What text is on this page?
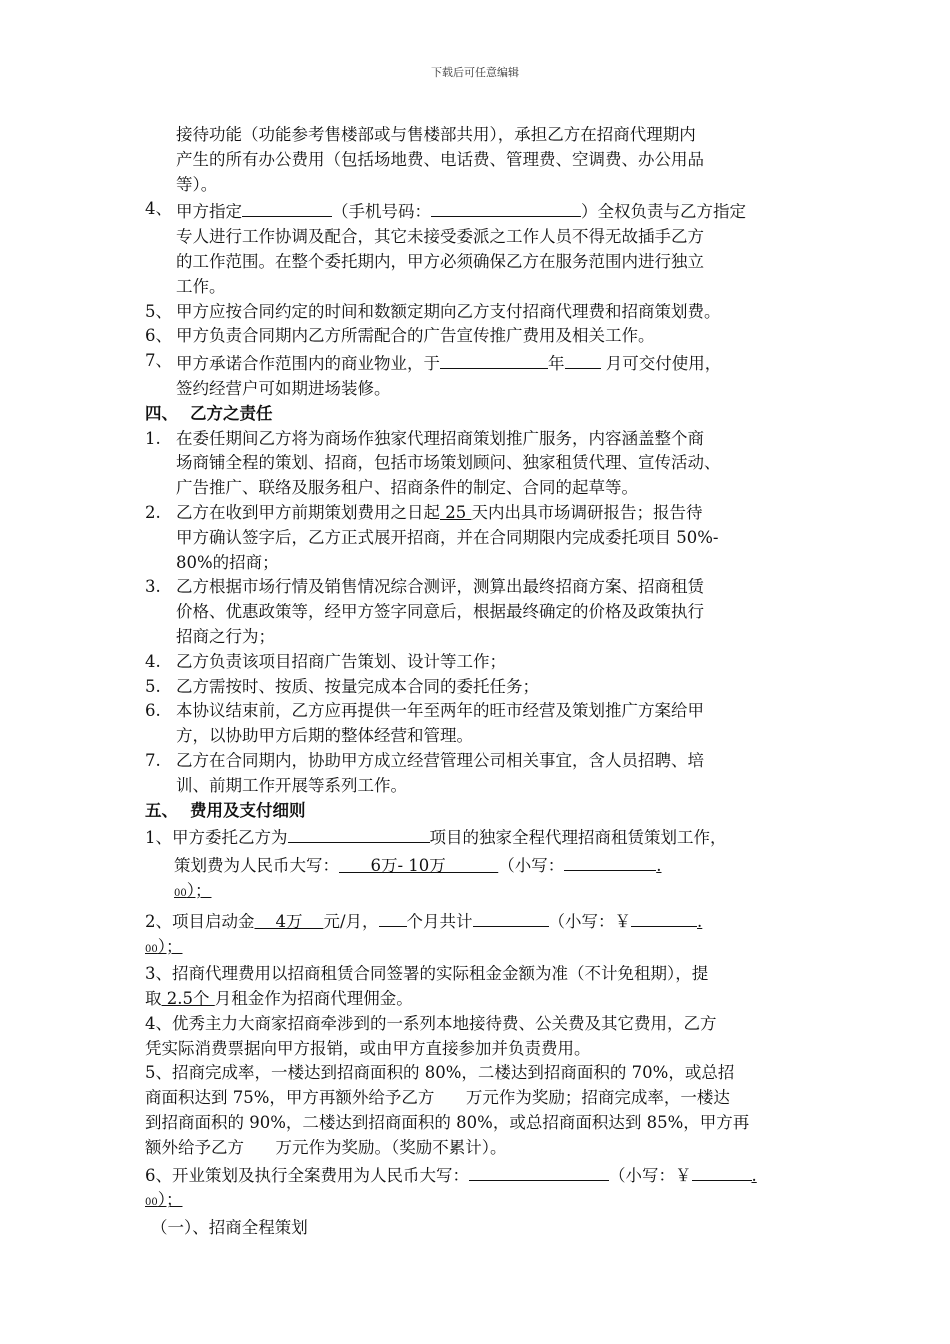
下载后可任意编辑
接待功能（功能参考售楼部或与售楼部共用），承担乙方在招商代理期内
产生的所有办公费用（包括场地费、电话费、管理费、空调费、办公用品
等）。
4、 甲方指定	（手机号码：	）全权负责与乙方指定
专人进行工作协调及配合，其它未接受委派之工作人员不得无故插手乙方
的工作范围。在整个委托期内，甲方必须确保乙方在服务范围内进行独立
工作。
5、 甲方应按合同约定的时间和数额定期向乙方支付招商代理费和招商策划费。
6、 甲方负责合同期内乙方所需配合的广告宣传推广费用及相关工作。
7、 甲方承诺合作范围内的商业物业，于	年 月可交付使用，
签约经营户可如期进场装修。
四、 乙方之责任
1. 在委任期间乙方将为商场作独家代理招商策划推广服务，内容涵盖整个商
场商铺全程的策划、招商，包括市场策划顾问、独家租赁代理、宣传活动、
广告推广、联络及服务租户、招商条件的制定、合同的起草等。
2. 乙方在收到甲方前期策划费用之日起 25 天内出具市场调研报告；报告待
甲方确认签字后，乙方正式展开招商，并在合同期限内完成委托项目 50%-
80%的招商；
3. 乙方根据市场行情及销售情况综合测评，测算出最终招商方案、招商租赁
价格、优惠政策等，经甲方签字同意后，根据最终确定的价格及政策执行
招商之行为；
4. 乙方负责该项目招商广告策划、设计等工作；
5. 乙方需按时、按质、按量完成本合同的委托任务；
6. 本协议结束前，乙方应再提供一年至两年的旺市经营及策划推广方案给甲
方，以协助甲方后期的整体经营和管理。
7. 乙方在合同期内，协助甲方成立经营管理公司相关事宜，含人员招聘、培
训、前期工作开展等系列工作。
五、 费用及支付细则
1、甲方委托乙方为	项目的独家全程代理招商租赁策划工作，
策划费为人民币大写：      6万- 10万          （小写：	.
00）；
2、项目启动金    4万    元/月， 个月共计	（小写：￥	.
00）；
3、招商代理费用以招商租赁合同签署的实际租金金额为准（不计免租期），提
取 2.5个 月租金作为招商代理佣金。
4、优秀主力大商家招商牵涉到的一系列本地接待费、公关费及其它费用，乙方
凭实际消费票据向甲方报销，或由甲方直接参加并负责费用。
5、招商完成率，一楼达到招商面积的 80%，二楼达到招商面积的 70%，或总招
商面积达到 75%，甲方再额外给予乙方      万元作为奖励；招商完成率，一楼达
到招商面积的 90%，二楼达到招商面积的 80%，或总招商面积达到 85%，甲方再
额外给予乙方      万元作为奖励。（奖励不累计）。
6、开业策划及执行全案费用为人民币大写：	（小写：￥	.
00）；
（一）、招商全程策划
